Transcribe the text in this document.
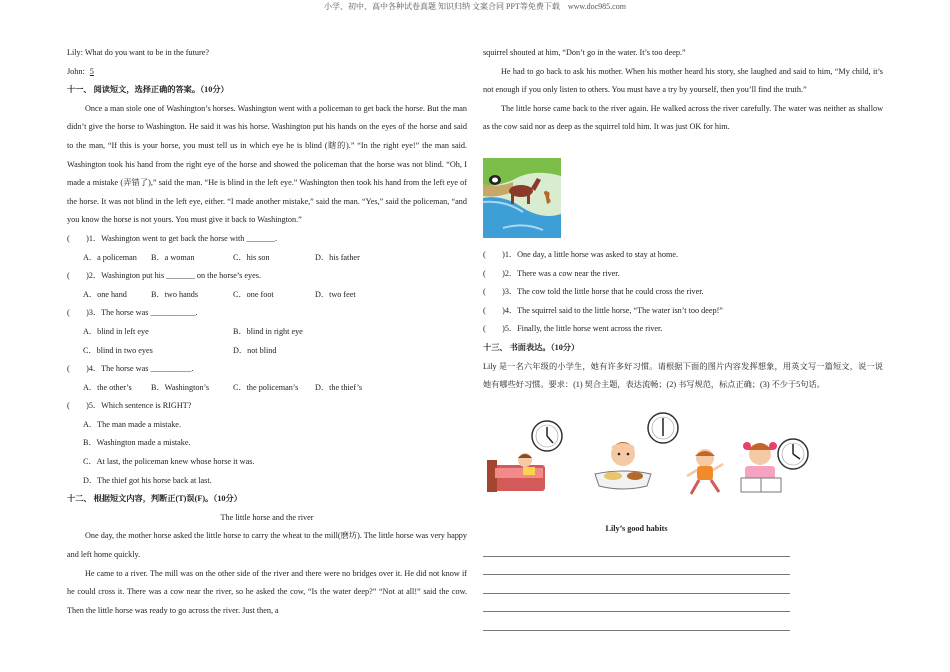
小学、初中、高中各种试卷真题 知识归纳 文案合同 PPT等免费下载　www.doc985.com

Lily: What do you want to be in the future?

John: 5

十一、 阅读短文，选择正确的答案。（10分）

Once a man stole one of Washington’s horses. Washington went with a policeman to get back the horse. But the man didn’t give the horse to Washington. He said it was his horse. Washington put his hands on the eyes of the horse and said to the man, “If this is your horse, you must tell us in which eye he is blind (瞎的).” “In the right eye!” the man said. Washington took his hand from the right eye of the horse and showed the policeman that the horse was not blind. “Oh, I made a mistake (弄错了),” said the man. “He is blind in the left eye.” Washington then took his hand from the left eye of the horse. It was not blind in the left eye, either. “I made another mistake,” said the man. “Yes,” said the policeman, “and you know the horse is not yours. You must give it back to Washington.”

(　　)1．Washington went to get back the horse with _______.

A．a policeman B．a woman	C．his son	D．his father

(　　)2．Washington put his _______ on the horse’s eyes.

A．one hand	B．two hands	C．one foot	D．two feet

(　　)3．The horse was ___________.

A．blind in left eye	B．blind in right eye

C．blind in two eyes	D．not blind

(　　)4．The horse was __________.

A．the other’s B．Washington’s	C．the policeman’s D．the thief’s

(　　)5．Which sentence is RIGHT?

A．The man made a mistake.

B．Washington made a mistake.

C．At last, the policeman knew whose horse it was.

D．The thief got his horse back at last.

十二、 根据短文内容，判断正(T)误(F)。（10分）

The little horse and the river

One day, the mother horse asked the little horse to carry the wheat to the mill(磨坊). The little horse was very happy and left home quickly.

He came to a river. The mill was on the other side of the river and there were no bridges over it. He did not know if he could cross it. There was a cow near the river, so he asked the cow, “Is the water deep?” “Not at all!” said the cow. Then the little horse was ready to go across the river. Just then, a

squirrel shouted at him, “Don’t go in the water. It’s too deep.”

He had to go back to ask his mother. When his mother heard his story, she laughed and said to him, “My child, it’s not enough if you only listen to others. You must have a try by yourself, then you’ll find the truth.”

The little horse came back to the river again. He walked across the river carefully. The water was neither as shallow as the cow said nor as deep as the squirrel told him. It was just OK for him.

(　　)1．One day, a little horse was asked to stay at home.

(　　)2．There was a cow near the river.

(　　)3．The cow told the little horse that he could cross the river.

(　　)4．The squirrel said to the little horse, “The water isn’t too deep!”

(　　)5．Finally, the little horse went across the river.

十三、 书面表达。（10分）

Lily 是一名六年级的小学生，她有许多好习惯。请根据下面的图片内容发挥想象，用英文写一篇短文，说一说她有哪些好习惯。要求：(1) 契合主题，表达流畅；(2) 书写规范，标点正确；(3) 不少于5句话。

Lily’s good habits
